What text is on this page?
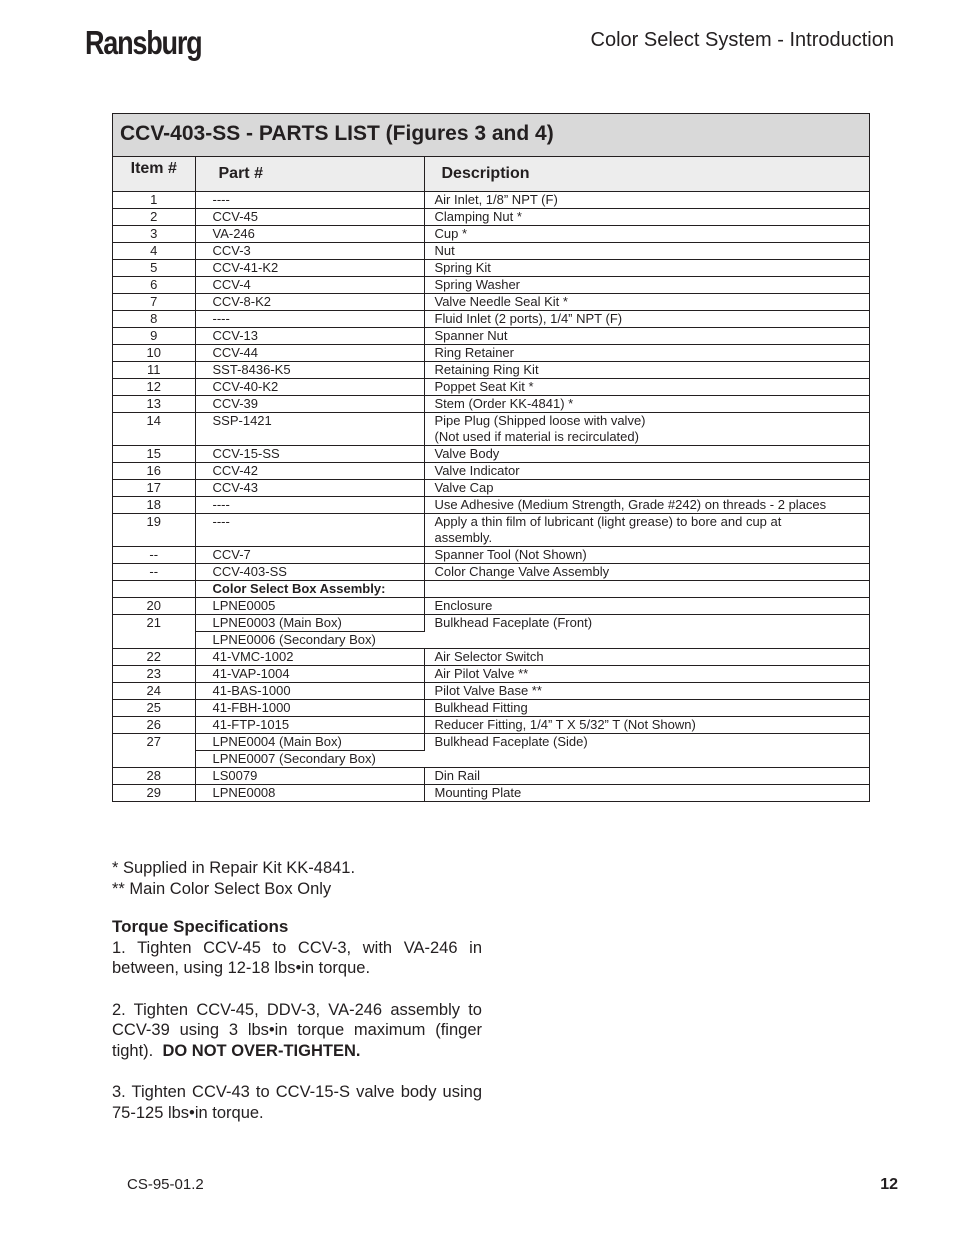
Ransburg	Color Select System - Introduction
CCV-403-SS - PARTS LIST (Figures 3 and 4)
Item #	Part #	Description
1	----	Air Inlet, 1/8” NPT (F)
2	CCV-45	Clamping Nut *
3	VA-246	Cup *
4	CCV-3	Nut
5	CCV-41-K2	Spring Kit
6	CCV-4	Spring Washer
7	CCV-8-K2	Valve Needle Seal Kit *
8	----	Fluid Inlet (2 ports), 1/4” NPT (F)
9	CCV-13	Spanner Nut
10	CCV-44	Ring Retainer
11	SST-8436-K5	Retaining Ring Kit
12	CCV-40-K2	Poppet Seat Kit *
13	CCV-39	Stem (Order KK-4841) *
14	SSP-1421	Pipe Plug (Shipped loose with valve)
(Not used if material is recirculated)
15	CCV-15-SS	Valve Body
16	CCV-42	Valve Indicator
17	CCV-43	Valve Cap
18	----	Use Adhesive (Medium Strength, Grade #242) on threads - 2 places
19	----	Apply a thin film of lubricant (light grease) to bore and cup at
assembly.
--	CCV-7	Spanner Tool (Not Shown)
--	CCV-403-SS	Color Change Valve Assembly
	Color Select Box Assembly:	
20	LPNE0005	Enclosure
21	LPNE0003 (Main Box)	Bulkhead Faceplate (Front)
	LPNE0006 (Secondary Box)	
22	41-VMC-1002	Air Selector Switch
23	41-VAP-1004	Air Pilot Valve **
24	41-BAS-1000	Pilot Valve Base **
25	41-FBH-1000	Bulkhead Fitting
26	41-FTP-1015	Reducer Fitting, 1/4” T X 5/32” T (Not Shown)
27	LPNE0004 (Main Box)	Bulkhead Faceplate (Side)
	LPNE0007 (Secondary Box)	
28	LS0079	Din Rail
29	LPNE0008	Mounting Plate

* Supplied in Repair Kit KK-4841.

** Main Color Select Box Only

Torque Specifications

1. Tighten CCV-45 to CCV-3, with VA-246 in between, using 12-18 lbs•in torque.

2. Tighten CCV-45, DDV-3, VA-246 assembly to CCV-39 using 3 lbs•in torque maximum (finger tight). DO NOT OVER-TIGHTEN.

3. Tighten CCV-43 to CCV-15-S valve body using 75-125 lbs•in torque.

CS-95-01.2	12
